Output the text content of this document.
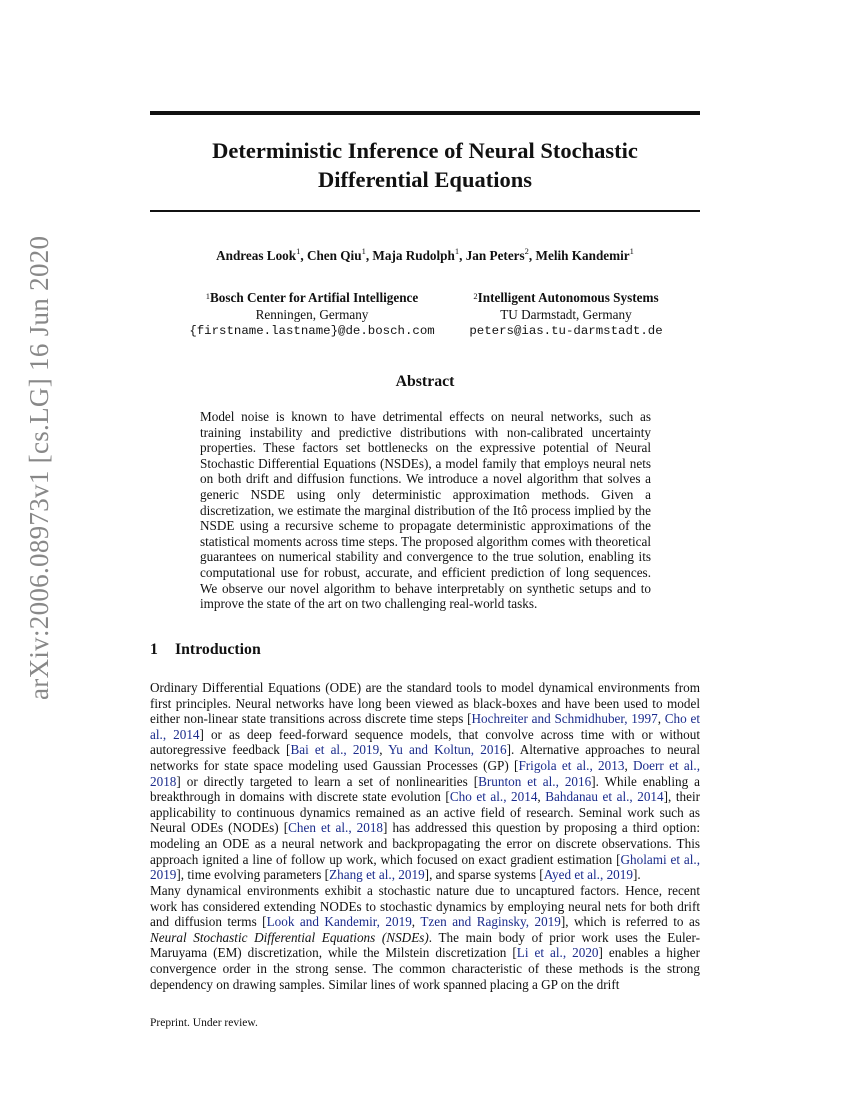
arXiv:2006.08973v1 [cs.LG] 16 Jun 2020
Deterministic Inference of Neural Stochastic
Differential Equations
Andreas Look$^1$, Chen Qiu$^1$, Maja Rudolph$^1$, Jan Peters$^2$, Melih Kandemir$^1$
$^1$Bosch Center for Artifial Intelligence
Renningen, Germany
{firstname.lastname}@de.bosch.com
$^2$Intelligent Autonomous Systems
TU Darmstadt, Germany
peters@ias.tu-darmstadt.de
Abstract
Model noise is known to have detrimental effects on neural networks, such as training instability and predictive distributions with non-calibrated uncertainty properties. These factors set bottlenecks on the expressive potential of Neural Stochastic Differential Equations (NSDEs), a model family that employs neural nets on both drift and diffusion functions. We introduce a novel algorithm that solves a generic NSDE using only deterministic approximation methods. Given a discretization, we estimate the marginal distribution of the Itô process implied by the NSDE using a recursive scheme to propagate deterministic approximations of the statistical moments across time steps. The proposed algorithm comes with theoretical guarantees on numerical stability and convergence to the true solution, enabling its computational use for robust, accurate, and efficient prediction of long sequences. We observe our novel algorithm to behave interpretably on synthetic setups and to improve the state of the art on two challenging real-world tasks.
1 Introduction
Ordinary Differential Equations (ODE) are the standard tools to model dynamical environments from first principles. Neural networks have long been viewed as black-boxes and have been used to model either non-linear state transitions across discrete time steps [Hochreiter and Schmidhuber, 1997, Cho et al., 2014] or as deep feed-forward sequence models, that convolve across time with or without autoregressive feedback [Bai et al., 2019, Yu and Koltun, 2016]. Alternative approaches to neural networks for state space modeling used Gaussian Processes (GP) [Frigola et al., 2013, Doerr et al., 2018] or directly targeted to learn a set of nonlinearities [Brunton et al., 2016]. While enabling a breakthrough in domains with discrete state evolution [Cho et al., 2014, Bahdanau et al., 2014], their applicability to continuous dynamics remained as an active field of research. Seminal work such as Neural ODEs (NODEs) [Chen et al., 2018] has addressed this question by proposing a third option: modeling an ODE as a neural network and backpropagating the error on discrete observations. This approach ignited a line of follow up work, which focused on exact gradient estimation [Gholami et al., 2019], time evolving parameters [Zhang et al., 2019], and sparse systems [Ayed et al., 2019].
Many dynamical environments exhibit a stochastic nature due to uncaptured factors. Hence, recent work has considered extending NODEs to stochastic dynamics by employing neural nets for both drift and diffusion terms [Look and Kandemir, 2019, Tzen and Raginsky, 2019], which is referred to as Neural Stochastic Differential Equations (NSDEs). The main body of prior work uses the Euler-Maruyama (EM) discretization, while the Milstein discretization [Li et al., 2020] enables a higher convergence order in the strong sense. The common characteristic of these methods is the strong dependency on drawing samples. Similar lines of work spanned placing a GP on the drift
Preprint. Under review.
